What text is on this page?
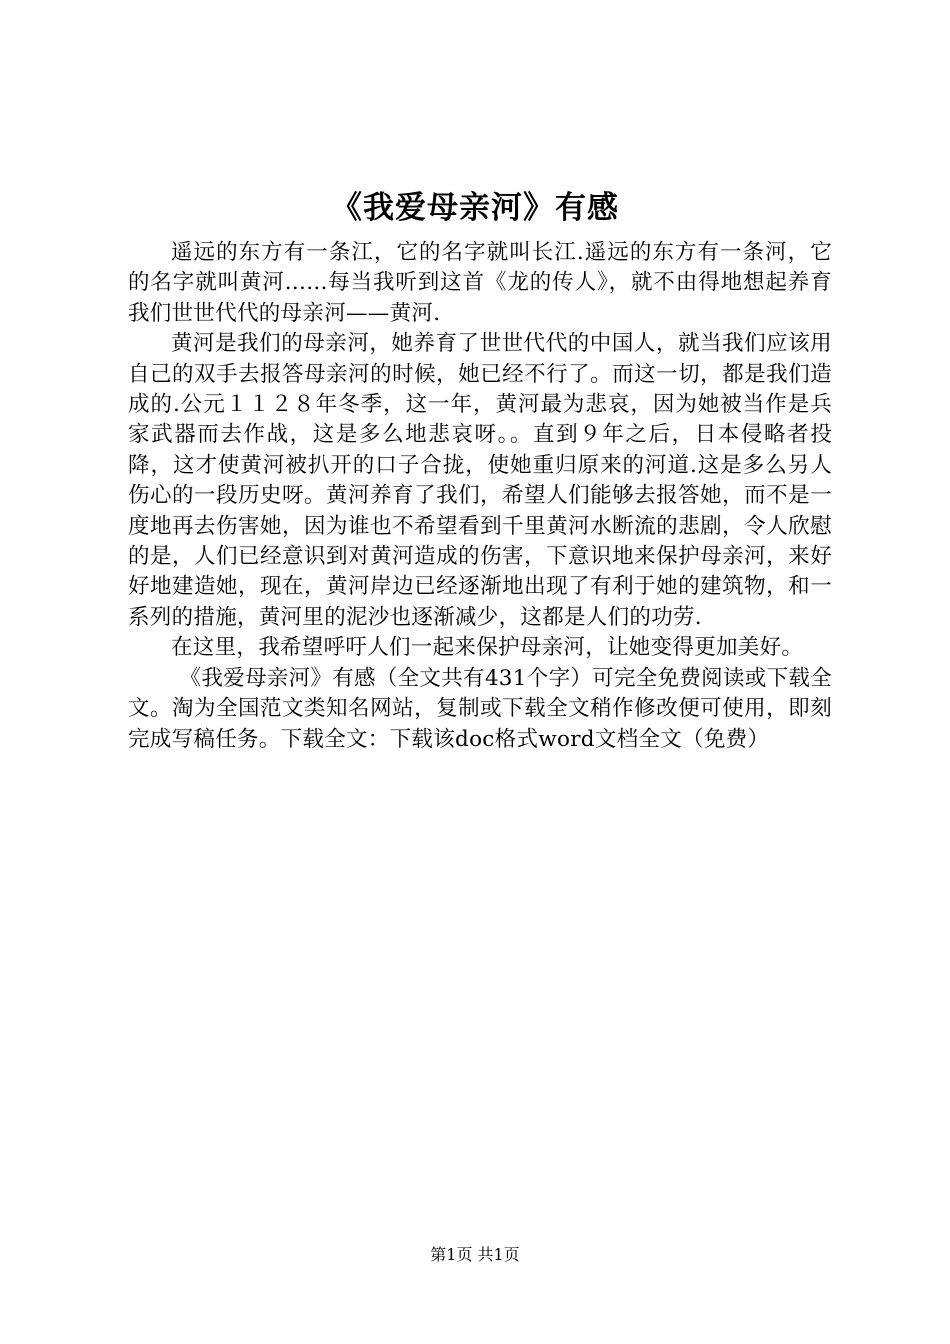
《我爱母亲河》有感

遥远的东方有一条江，它的名字就叫长江.遥远的东方有一条河，它的名字就叫黄河......每当我听到这首《龙的传人》，就不由得地想起养育我们世世代代的母亲河——黄河.

黄河是我们的母亲河，她养育了世世代代的中国人，就当我们应该用自己的双手去报答母亲河的时候，她已经不行了。而这一切，都是我们造成的.公元１１２８年冬季，这一年，黄河最为悲哀，因为她被当作是兵家武器而去作战，这是多么地悲哀呀。。直到９年之后，日本侵略者投降，这才使黄河被扒开的口子合拢，使她重归原来的河道.这是多么另人伤心的一段历史呀。黄河养育了我们，希望人们能够去报答她，而不是一度地再去伤害她，因为谁也不希望看到千里黄河水断流的悲剧，令人欣慰的是，人们已经意识到对黄河造成的伤害，下意识地来保护母亲河，来好好地建造她，现在，黄河岸边已经逐渐地出现了有利于她的建筑物，和一系列的措施，黄河里的泥沙也逐渐减少，这都是人们的功劳.

在这里，我希望呼吁人们一起来保护母亲河，让她变得更加美好。

《我爱母亲河》有感（全文共有431个字）可完全免费阅读或下载全文。淘为全国范文类知名网站，复制或下载全文稍作修改便可使用，即刻完成写稿任务。下载全文：下载该doc格式word文档全文（免费）

第1页 共1页
